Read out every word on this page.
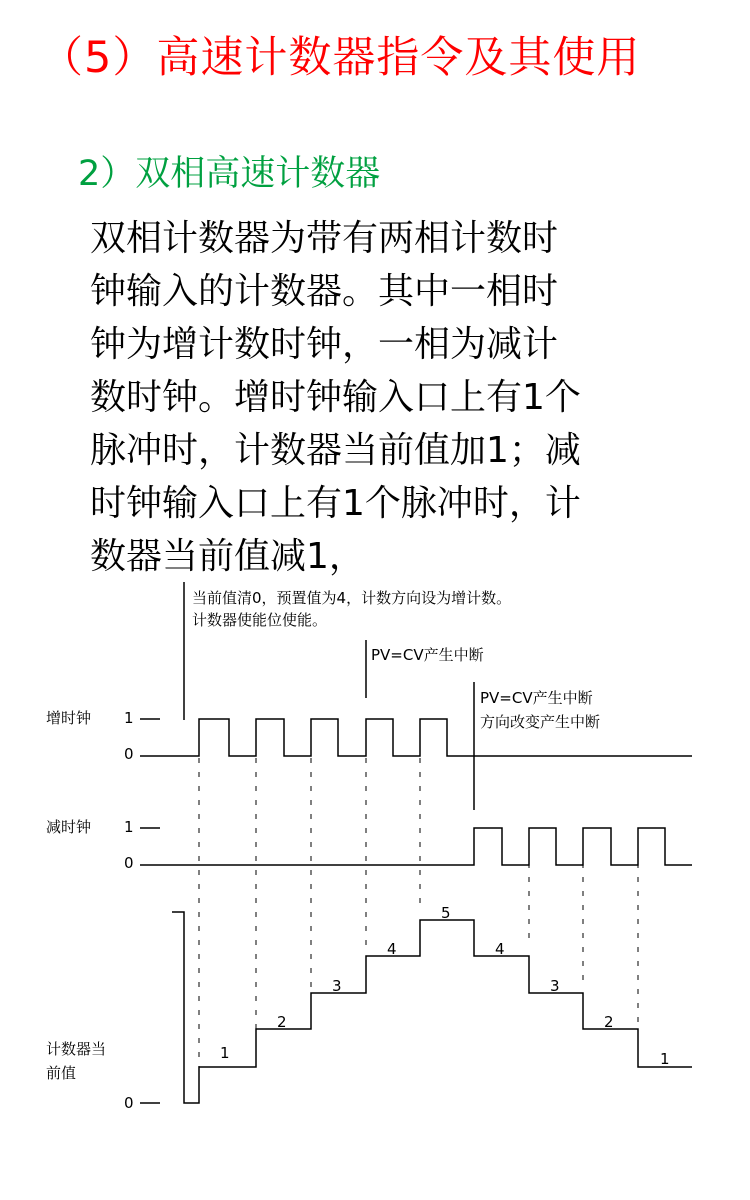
（5）高速计数器指令及其使用
2）双相高速计数器
双相计数器为带有两相计数时
钟输入的计数器。其中一相时
钟为增计数时钟，一相为减计
数时钟。增时钟输入口上有1个
脉冲时，计数器当前值加1；减
时钟输入口上有1个脉冲时，计
数器当前值减1，
当前值清0，预置值为4，计数方向设为增计数。
计数器使能位使能。
PV=CV产生中断
PV=CV产生中断
方向改变产生中断
增时钟 1
0
减时钟 1
0
计数器当
前值
0
1
2
3
4
5
4
3
2
1
